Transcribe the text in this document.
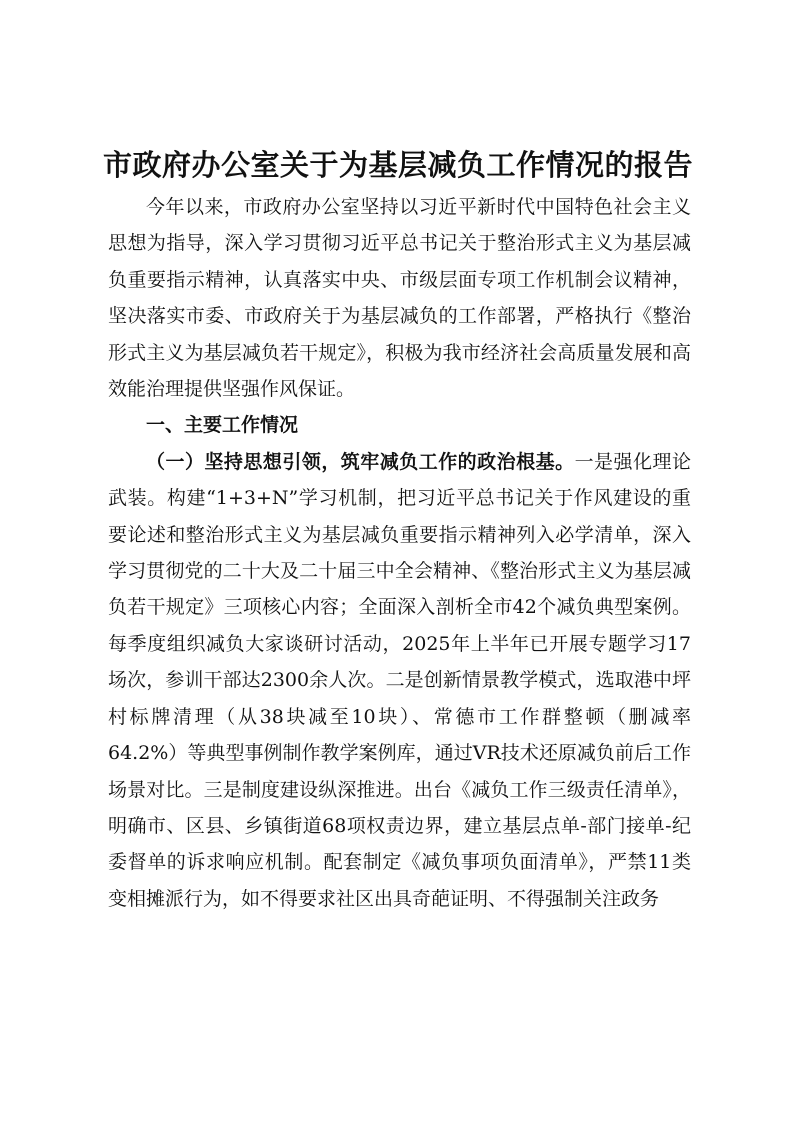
市政府办公室关于为基层减负工作情况的报告

今年以来，市政府办公室坚持以习近平新时代中国特色社会主义思想为指导，深入学习贯彻习近平总书记关于整治形式主义为基层减负重要指示精神，认真落实中央、市级层面专项工作机制会议精神，坚决落实市委、市政府关于为基层减负的工作部署，严格执行《整治形式主义为基层减负若干规定》，积极为我市经济社会高质量发展和高效能治理提供坚强作风保证。

一、主要工作情况

（一）坚持思想引领，筑牢减负工作的政治根基。一是强化理论武装。构建“1+3+N”学习机制，把习近平总书记关于作风建设的重要论述和整治形式主义为基层减负重要指示精神列入必学清单，深入学习贯彻党的二十大及二十届三中全会精神、《整治形式主义为基层减负若干规定》三项核心内容；全面深入剖析全市42个减负典型案例。每季度组织减负大家谈研讨活动，2025年上半年已开展专题学习17场次，参训干部达2300余人次。二是创新情景教学模式，选取港中坪村标牌清理（从38块减至10块）、常德市工作群整顿（删减率64.2%）等典型事例制作教学案例库，通过VR技术还原减负前后工作场景对比。三是制度建设纵深推进。出台《减负工作三级责任清单》，明确市、区县、乡镇街道68项权责边界，建立基层点单-部门接单-纪委督单的诉求响应机制。配套制定《减负事项负面清单》，严禁11类变相摊派行为，如不得要求社区出具奇葩证明、不得强制关注政务
